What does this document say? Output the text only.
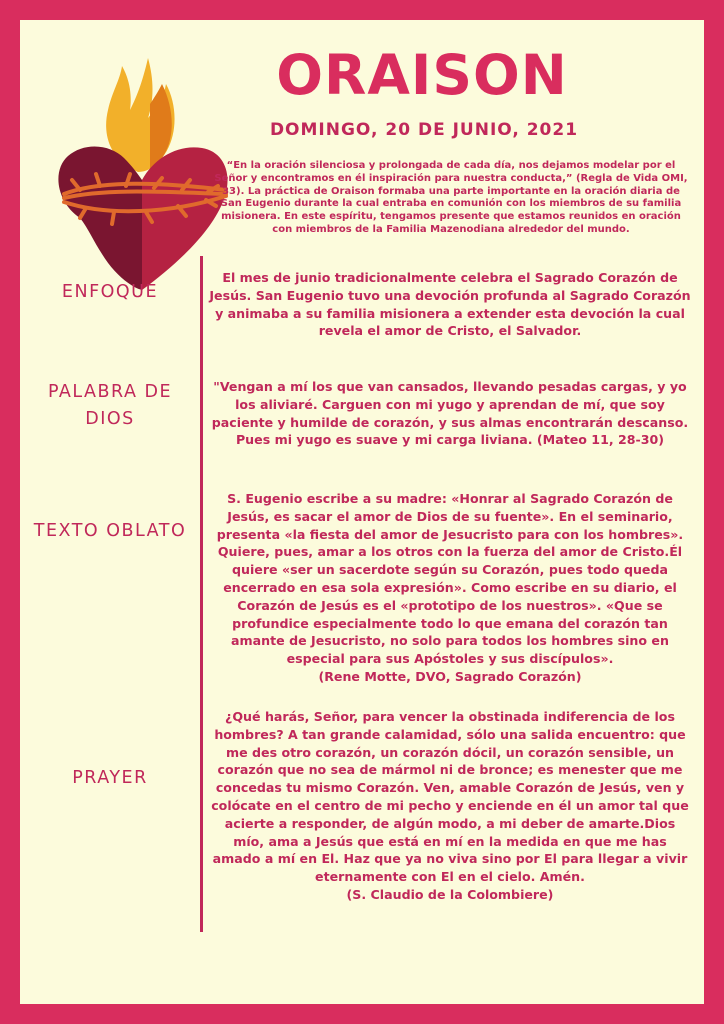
ORAISON
DOMINGO, 20 DE JUNIO, 2021
“En la oración silenciosa y prolongada de cada día, nos dejamos modelar por el Señor y encontramos en él inspiración para nuestra conducta,” (Regla de Vida OMI, 33). La práctica de Oraison formaba una parte importante en la oración diaria de San Eugenio durante la cual entraba en comunión con los miembros de su familia misionera. En este espíritu, tengamos presente que estamos reunidos en oración con miembros de la Familia Mazenodiana alrededor del mundo.
ENFOQUE
El mes de junio tradicionalmente celebra el Sagrado Corazón de Jesús. San Eugenio tuvo una devoción profunda al Sagrado Corazón y animaba a su familia misionera a extender esta devoción la cual revela el amor de Cristo, el Salvador.
PALABRA DE DIOS
"Vengan a mí los que van cansados, llevando pesadas cargas, y yo los aliviaré. Carguen con mi yugo y aprendan de mí, que soy paciente y humilde de corazón, y sus almas encontrarán descanso. Pues mi yugo es suave y mi carga liviana. (Mateo 11, 28-30)
TEXTO OBLATO
S. Eugenio escribe a su madre: «Honrar al Sagrado Corazón de Jesús, es sacar el amor de Dios de su fuente». En el seminario, presenta «la fiesta del amor de Jesucristo para con los hombres». Quiere, pues, amar a los otros con la fuerza del amor de Cristo.Él quiere «ser un sacerdote según su Corazón, pues todo queda encerrado en esa sola expresión». Como escribe en su diario, el Corazón de Jesús es el «prototipo de los nuestros». «Que se profundice especialmente todo lo que emana del corazón tan amante de Jesucristo, no solo para todos los hombres sino en especial para sus Apóstoles y sus discípulos».
(Rene Motte, DVO, Sagrado Corazón)
PRAYER
¿Qué harás, Señor, para vencer la obstinada indiferencia de los hombres? A tan grande calamidad, sólo una salida encuentro: que me des otro corazón, un corazón dócil, un corazón sensible, un corazón que no sea de mármol ni de bronce; es menester que me concedas tu mismo Corazón. Ven, amable Corazón de Jesús, ven y colócate en el centro de mi pecho y enciende en él un amor tal que acierte a responder, de algún modo, a mi deber de amarte.Dios mío, ama a Jesús que está en mí en la medida en que me has amado a mí en El. Haz que ya no viva sino por El para llegar a vivir eternamente con El en el cielo. Amén.
(S. Claudio de la Colombiere)
